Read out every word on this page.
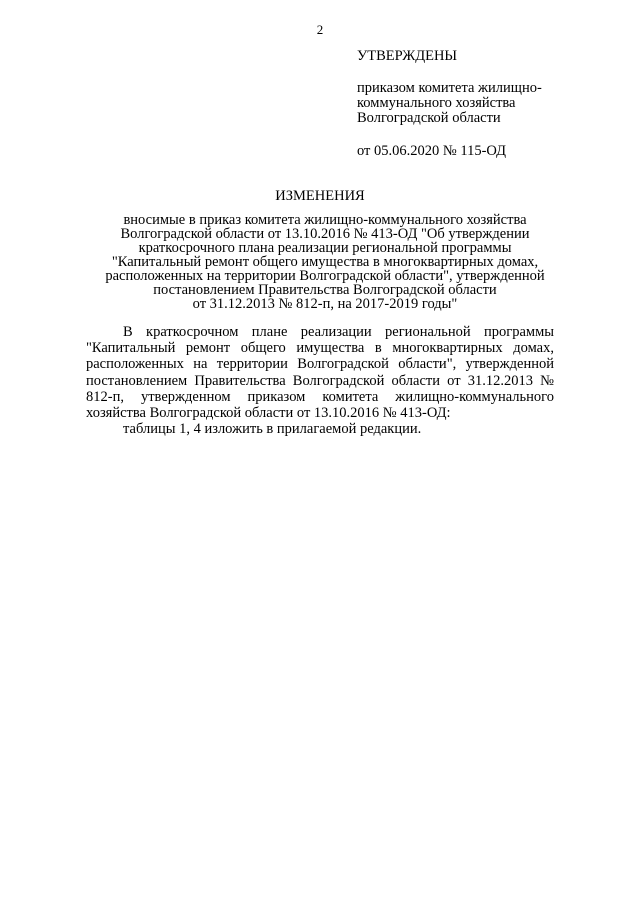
2

УТВЕРЖДЕНЫ

приказом комитета жилищно-
коммунального хозяйства
Волгоградской области

от 05.06.2020 № 115-ОД

ИЗМЕНЕНИЯ
вносимые в приказ комитета жилищно-коммунального хозяйства
Волгоградской области от 13.10.2016 № 413-ОД "Об утверждении
краткосрочного плана реализации региональной программы
"Капитальный ремонт общего имущества в многоквартирных домах,
расположенных на территории Волгоградской области", утвержденной
постановлением Правительства Волгоградской области
от 31.12.2013 № 812-п, на 2017-2019 годы"

В краткосрочном плане реализации региональной программы "Капитальный ремонт общего имущества в многоквартирных домах, расположенных на территории Волгоградской области", утвержденной постановлением Правительства Волгоградской области от 31.12.2013 № 812-п, утвержденном приказом комитета жилищно-коммунального хозяйства Волгоградской области от 13.10.2016 № 413-ОД:

таблицы 1, 4 изложить в прилагаемой редакции.
